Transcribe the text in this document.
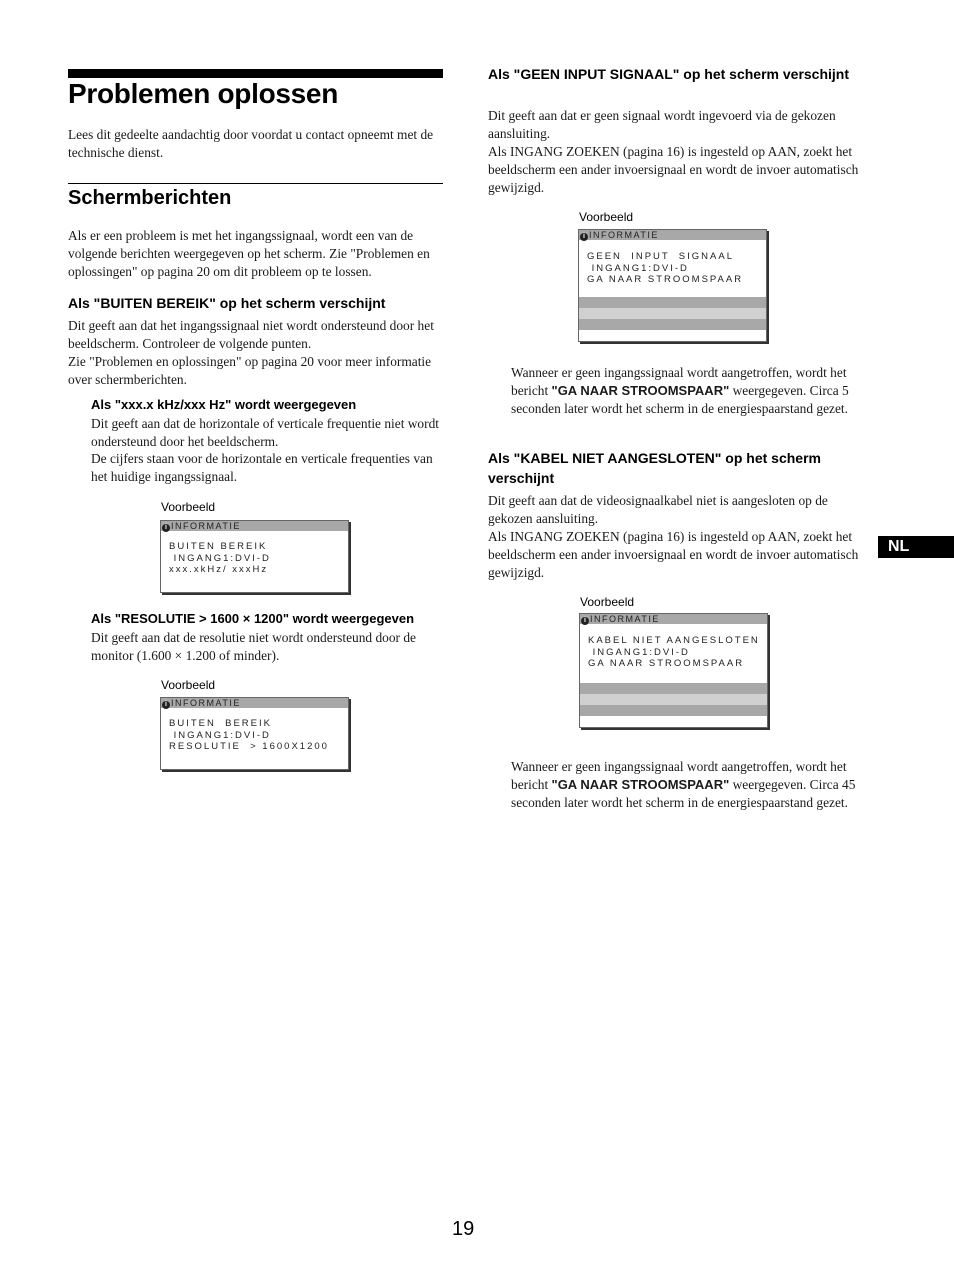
Problemen oplossen
Lees dit gedeelte aandachtig door voordat u contact opneemt met de technische dienst.
Schermberichten
Als er een probleem is met het ingangssignaal, wordt een van de volgende berichten weergegeven op het scherm. Zie "Problemen en oplossingen" op pagina 20 om dit probleem op te lossen.
Als "BUITEN BEREIK" op het scherm verschijnt
Dit geeft aan dat het ingangssignaal niet wordt ondersteund door het beeldscherm. Controleer de volgende punten.
Zie "Problemen en oplossingen" op pagina 20 voor meer informatie over schermberichten.
Als "xxx.x kHz/xxx Hz" wordt weergegeven
Dit geeft aan dat de horizontale of verticale frequentie niet wordt ondersteund door het beeldscherm.
De cijfers staan voor de horizontale en verticale frequenties van het huidige ingangssignaal.
Voorbeeld
i INFORMATIE
BUITEN BEREIK
INGANG1:DVI-D
xxx.xkHz/ xxxHz
Als "RESOLUTIE > 1600 × 1200" wordt weergegeven
Dit geeft aan dat de resolutie niet wordt ondersteund door de monitor (1.600 × 1.200 of minder).
Voorbeeld
i INFORMATIE
BUITEN  BEREIK
INGANG1:DVI-D
RESOLUTIE  > 1600X1200
Als "GEEN INPUT SIGNAAL" op het scherm verschijnt
Dit geeft aan dat er geen signaal wordt ingevoerd via de gekozen aansluiting.
Als INGANG ZOEKEN (pagina 16) is ingesteld op AAN, zoekt het beeldscherm een ander invoersignaal en wordt de invoer automatisch gewijzigd.
Voorbeeld
i INFORMATIE
GEEN  INPUT  SIGNAAL
INGANG1:DVI-D
GA NAAR STROOMSPAAR
Wanneer er geen ingangssignaal wordt aangetroffen, wordt het bericht "GA NAAR STROOMSPAAR" weergegeven. Circa 5 seconden later wordt het scherm in de energiespaarstand gezet.
Als "KABEL NIET AANGESLOTEN" op het scherm verschijnt
Dit geeft aan dat de videosignaalkabel niet is aangesloten op de gekozen aansluiting.
Als INGANG ZOEKEN (pagina 16) is ingesteld op AAN, zoekt het beeldscherm een ander invoersignaal en wordt de invoer automatisch gewijzigd.
Voorbeeld
i INFORMATIE
KABEL NIET AANGESLOTEN
INGANG1:DVI-D
GA NAAR STROOMSPAAR
Wanneer er geen ingangssignaal wordt aangetroffen, wordt het bericht "GA NAAR STROOMSPAAR" weergegeven. Circa 45 seconden later wordt het scherm in de energiespaarstand gezet.
NL
19
